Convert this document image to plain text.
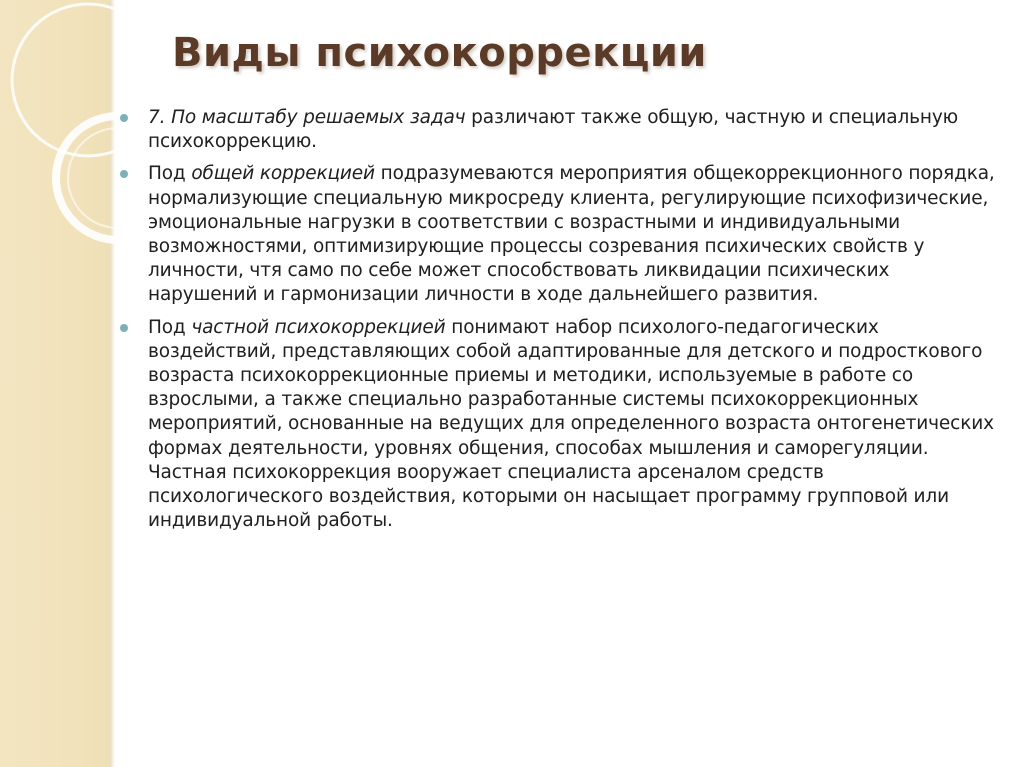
Виды психокоррекции
7. По масштабу решаемых задач различают также общую, частную и специальную психокоррекцию.
Под общей коррекцией подразумеваются мероприятия общекоррекционного порядка, нормализующие специальную микросреду клиента, регулирующие психофизические, эмоциональные нагрузки в соответствии с возрастными и индивидуальными возможностями, оптимизирующие процессы созревания психических свойств у личности, чтя само по себе может способствовать ликвидации психических нарушений и гармонизации личности в ходе дальнейшего развития.
Под частной психокоррекцией понимают набор психолого-педагогических воздействий, представляющих собой адаптированные для детского и подросткового возраста психокоррекционные приемы и методики, используемые в работе со взрослыми, а также специально разработанные системы психокоррекционных мероприятий, основанные на ведущих для определенного возраста онтогенетических формах деятельности, уровнях общения, способах мышления и саморегуляции. Частная психокоррекция вооружает специалиста арсеналом средств психологического воздействия, которыми он насыщает программу групповой или индивидуальной работы.
